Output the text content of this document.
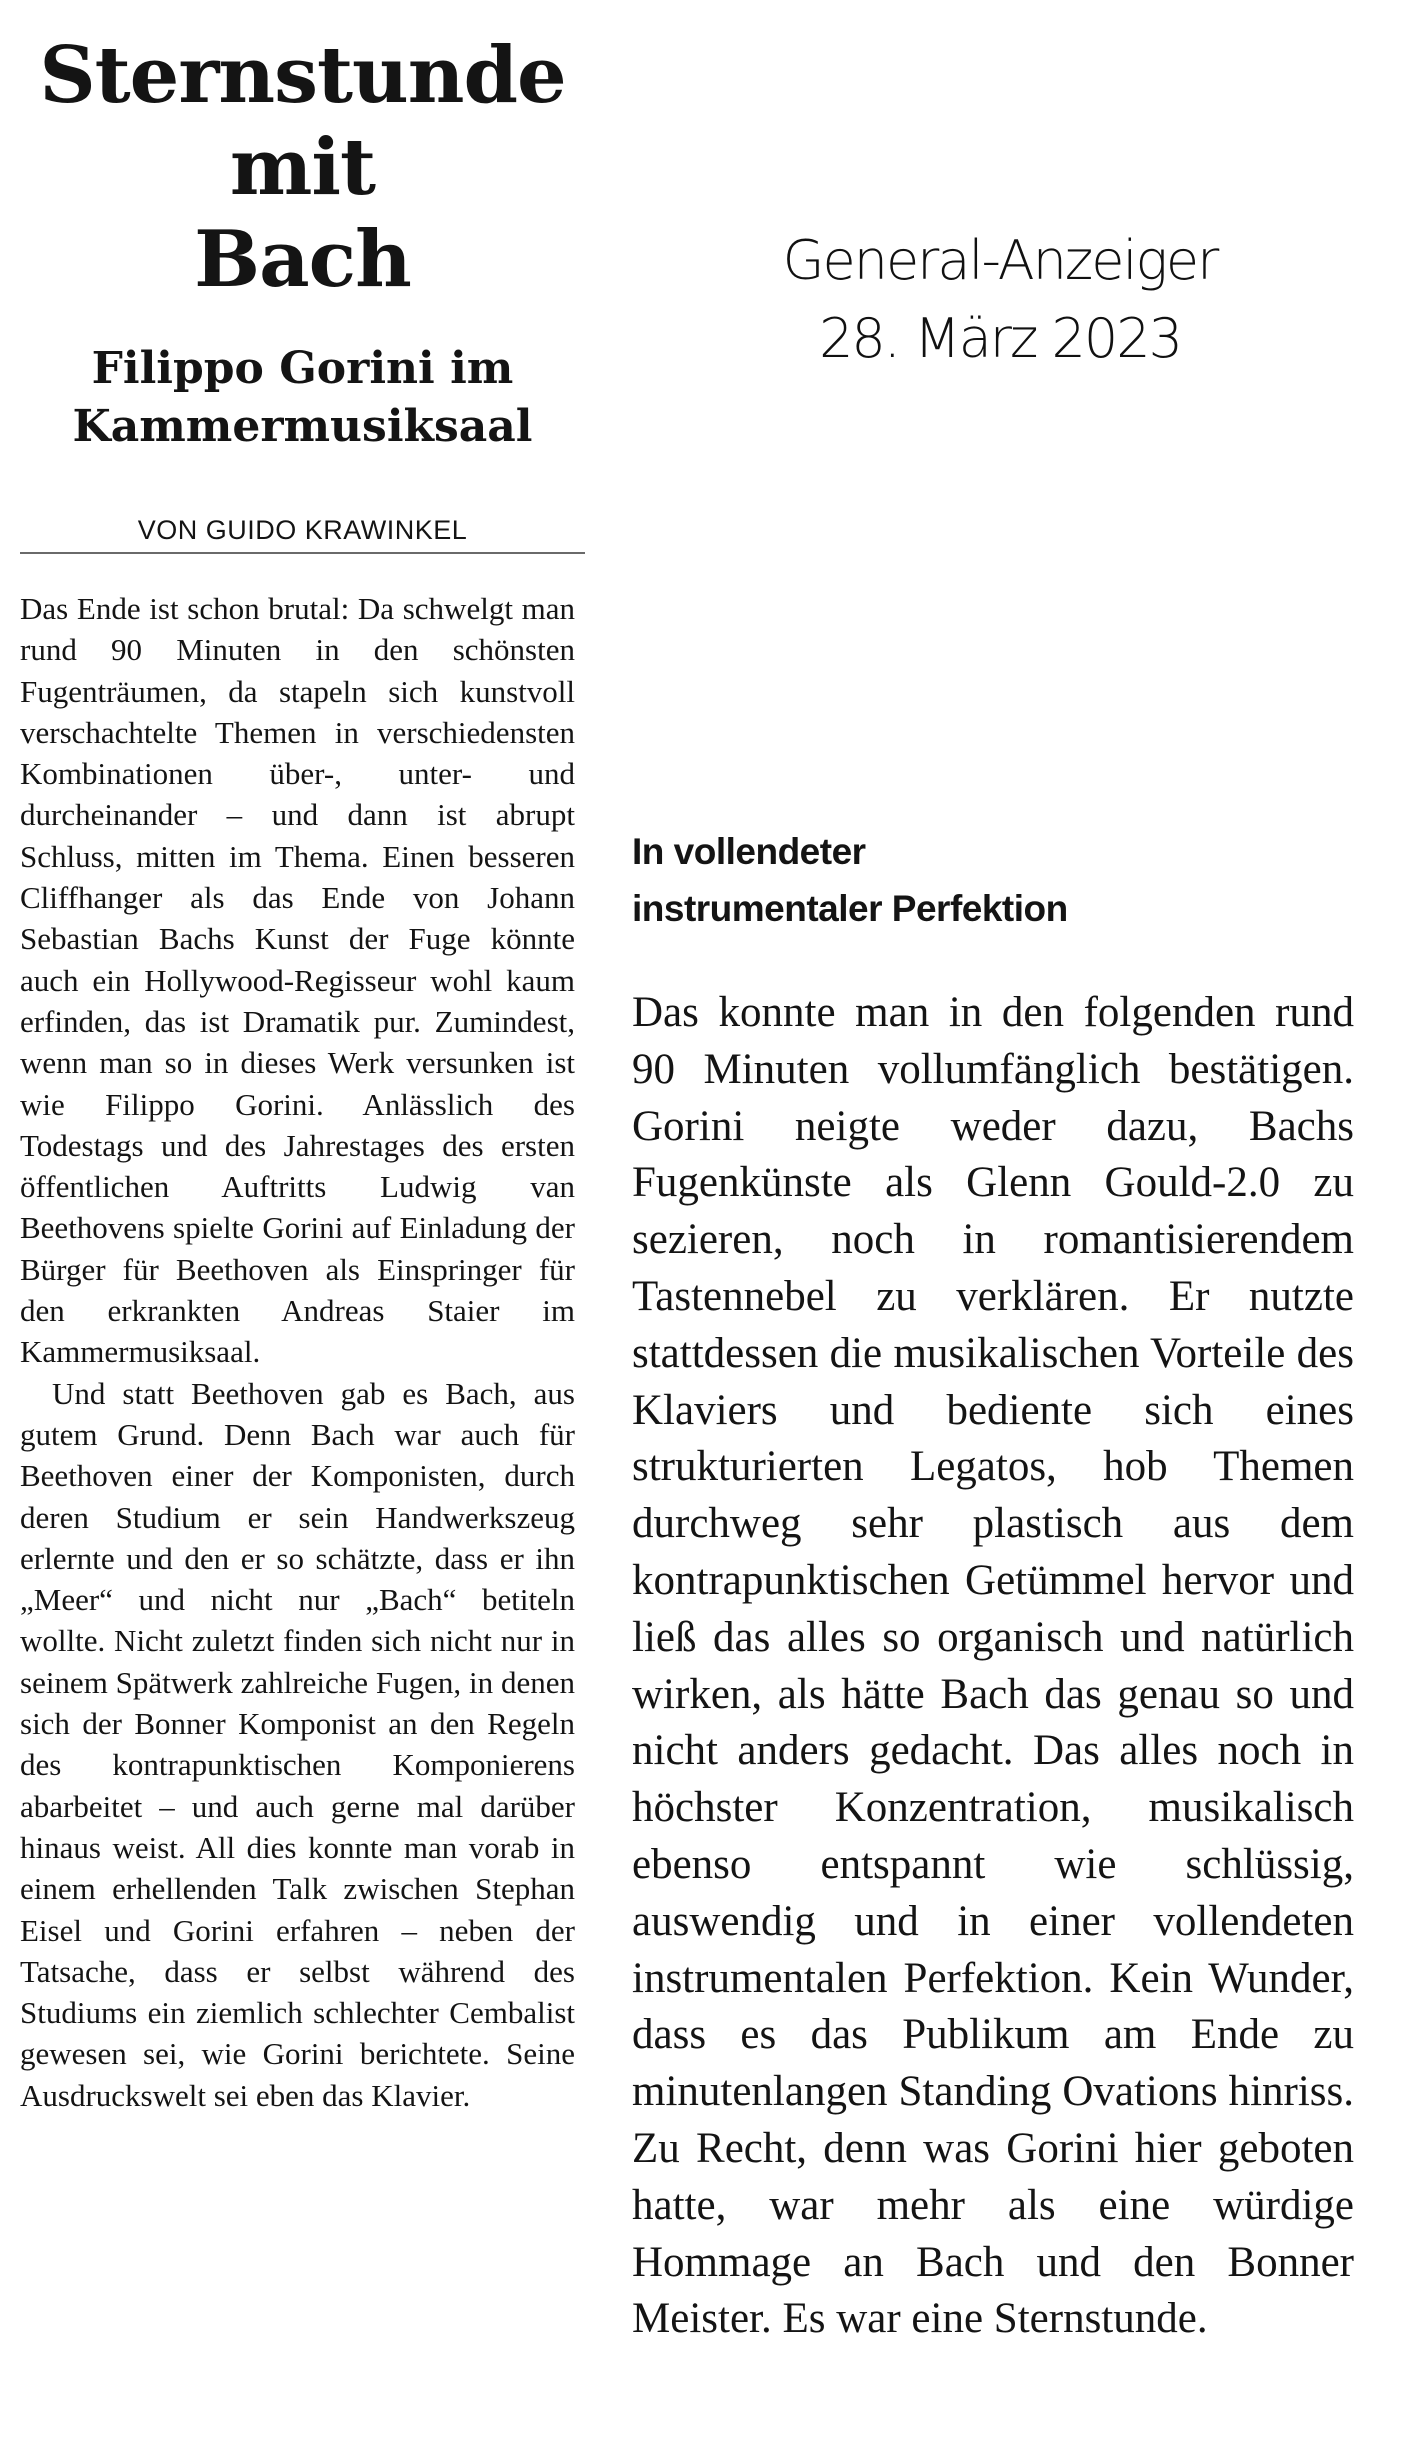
Sternstunde
mit
Bach
Filippo Gorini im
Kammermusiksaal
VON GUIDO KRAWINKEL
General-Anzeiger
28. März 2023

Das Ende ist schon brutal: Da schwelgt man rund 90 Minuten in den schönsten Fugenträumen, da stapeln sich kunstvoll verschachtelte Themen in verschiedensten Kombinationen über-, unter- und durcheinander – und dann ist abrupt Schluss, mitten im Thema. Einen besseren Cliffhanger als das Ende von Johann Sebastian Bachs Kunst der Fuge könnte auch ein Hollywood-Regisseur wohl kaum erfinden, das ist Dramatik pur. Zumindest, wenn man so in dieses Werk versunken ist wie Filippo Gorini. Anlässlich des Todestags und des Jahrestages des ersten öffentlichen Auftritts Ludwig van Beethovens spielte Gorini auf Einladung der Bürger für Beethoven als Einspringer für den erkrankten Andreas Staier im Kammermusiksaal.

Und statt Beethoven gab es Bach, aus gutem Grund. Denn Bach war auch für Beethoven einer der Komponisten, durch deren Studium er sein Handwerkszeug erlernte und den er so schätzte, dass er ihn „Meer“ und nicht nur „Bach“ betiteln wollte. Nicht zuletzt finden sich nicht nur in seinem Spätwerk zahlreiche Fugen, in denen sich der Bonner Komponist an den Regeln des kontrapunktischen Komponierens abarbeitet – und auch gerne mal darüber hinaus weist. All dies konnte man vorab in einem erhellenden Talk zwischen Stephan Eisel und Gorini erfahren – neben der Tatsache, dass er selbst während des Studiums ein ziemlich schlechter Cembalist gewesen sei, wie Gorini berichtete. Seine Ausdruckswelt sei eben das Klavier.

In vollendeter
instrumentaler Perfektion

Das konnte man in den folgenden rund 90 Minuten vollumfänglich bestätigen. Gorini neigte weder dazu, Bachs Fugenkünste als Glenn Gould-2.0 zu sezieren, noch in romantisierendem Tastennebel zu verklären. Er nutzte stattdessen die musikalischen Vorteile des Klaviers und bediente sich eines strukturierten Legatos, hob Themen durchweg sehr plastisch aus dem kontrapunktischen Getümmel hervor und ließ das alles so organisch und natürlich wirken, als hätte Bach das genau so und nicht anders gedacht. Das alles noch in höchster Konzentration, musikalisch ebenso entspannt wie schlüssig, auswendig und in einer vollendeten instrumentalen Perfektion. Kein Wunder, dass es das Publikum am Ende zu minutenlangen Standing Ovations hinriss. Zu Recht, denn was Gorini hier geboten hatte, war mehr als eine würdige Hommage an Bach und den Bonner Meister. Es war eine Sternstunde.
